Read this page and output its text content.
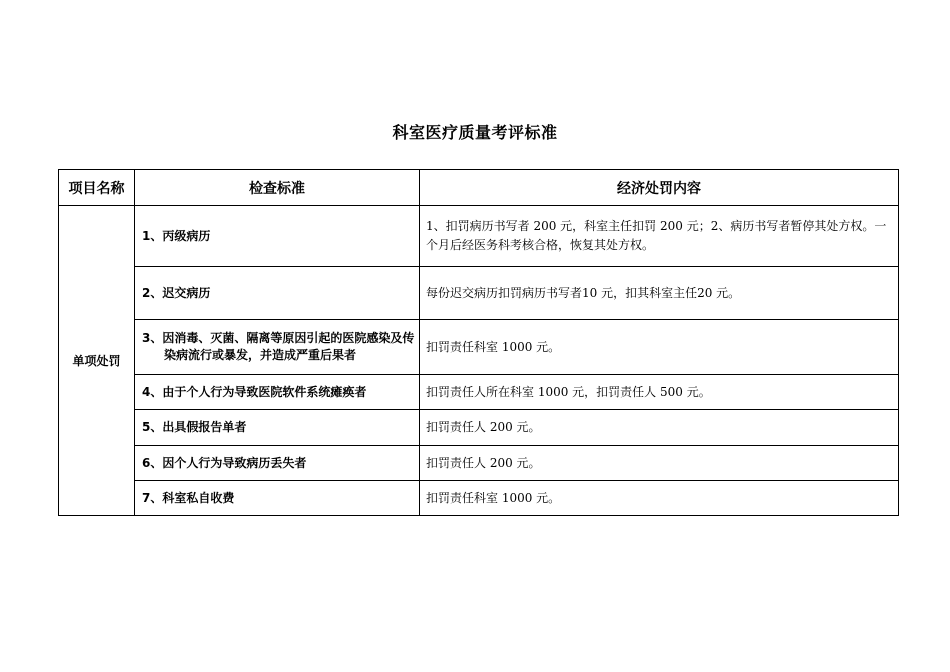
科室医疗质量考评标准
项目名称	检查标准	经济处罚内容
单项处罚	1、丙级病历	1、扣罚病历书写者 200 元，科室主任扣罚 200 元；2、病历书写者暂停其处方权。一个月后经医务科考核合格，恢复其处方权。

	2、迟交病历	每份迟交病历扣罚病历书写者10 元，扣其科室主任20 元。

	3、因消毒、灭菌、隔离等原因引起的医院感染及传染病流行或暴发，并造成严重后果者	扣罚责任科室 1000 元。

	4、由于个人行为导致医院软件系统瘫痪者	扣罚责任人所在科室 1000 元，扣罚责任人 500 元。

	5、出具假报告单者	扣罚责任人 200 元。

	6、因个人行为导致病历丢失者	扣罚责任人 200 元。

	7、科室私自收费	扣罚责任科室 1000 元。
